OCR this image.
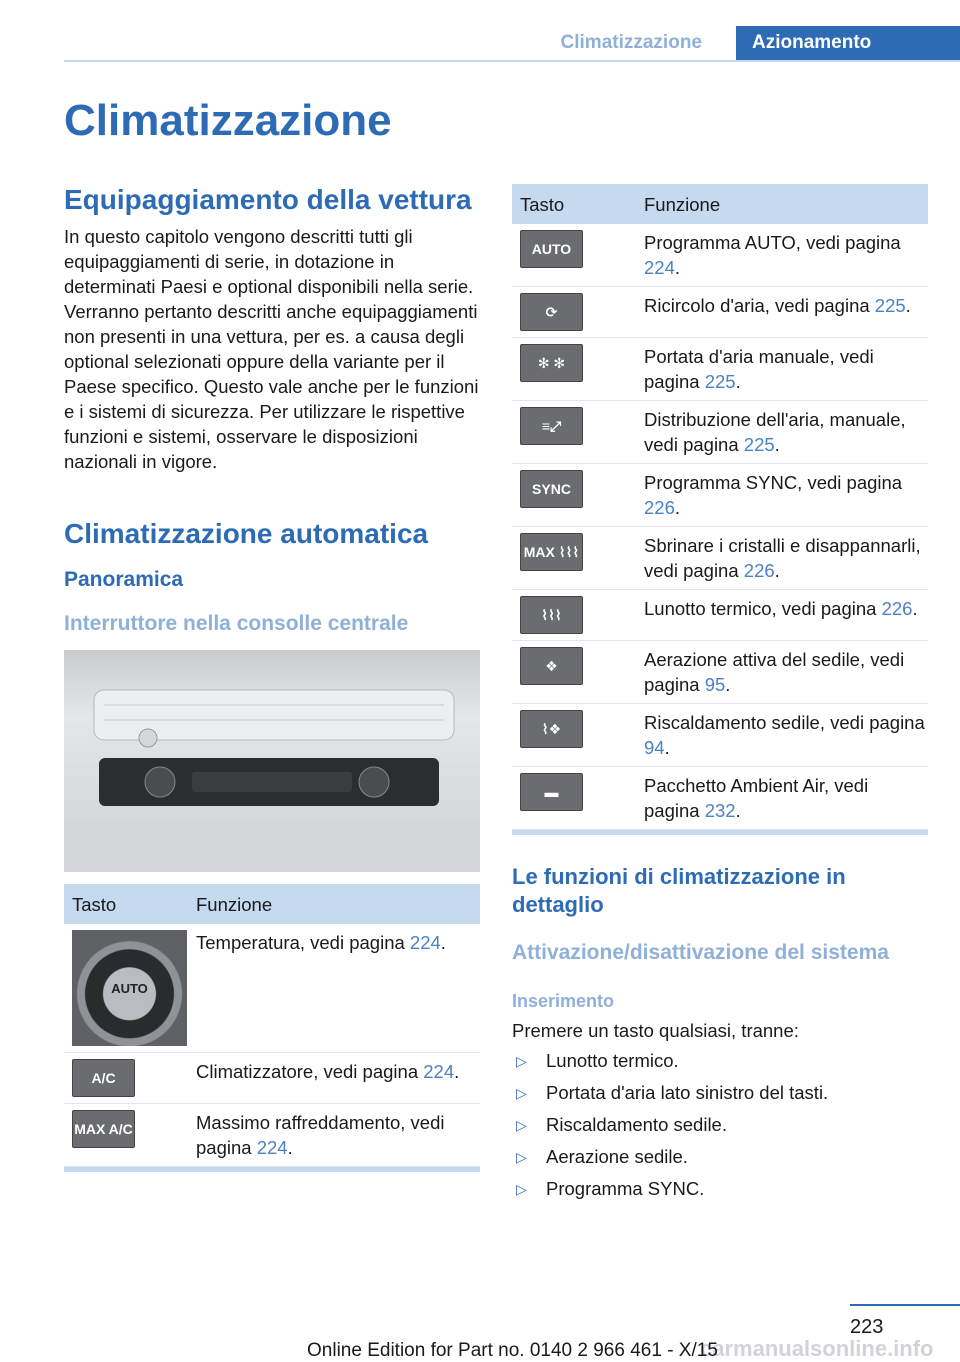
Climatizzazione	Azionamento
Climatizzazione
Equipaggiamento della vettura

In questo capitolo vengono descritti tutti gli equipaggiamenti di serie, in dotazione in determinati Paesi e optional disponibili nella serie. Verranno pertanto descritti anche equipaggiamenti non presenti in una vettura, per es. a causa degli optional selezionati oppure della variante per il Paese specifico. Questo vale anche per le funzioni e i sistemi di sicurezza. Per utilizzare le rispettive funzioni e sistemi, osservare le disposizioni nazionali in vigore.

Climatizzazione automatica
Panoramica
Interruttore nella consolle centrale
Tasto	Funzione

AUTO	Temperatura, vedi pagina 224.

A/C	Climatizzatore, vedi pagina 224.

MAX A/C	Massimo raffreddamento, vedi pagina 224.
Tasto	Funzione

AUTO	Programma AUTO, vedi pagina 224.

⟳	Ricircolo d'aria, vedi pagina 225.

✻ ✻	Portata d'aria manuale, vedi pagina 225.

≡⤢	Distribuzione dell'aria, manuale, vedi pagina 225.

SYNC	Programma SYNC, vedi pagina 226.

MAX ⌇⌇⌇	Sbrinare i cristalli e disappannarli, vedi pagina 226.

⌇⌇⌇	Lunotto termico, vedi pagina 226.

❖	Aerazione attiva del sedile, vedi pagina 95.

⌇❖	Riscaldamento sedile, vedi pagina 94.

▬	Pacchetto Ambient Air, vedi pagina 232.
Le funzioni di climatizzazione in dettaglio
Attivazione/disattivazione del sistema
Inserimento

Premere un tasto qualsiasi, tranne:

▷ Lunotto termico.
▷ Portata d'aria lato sinistro del tasti.
▷ Riscaldamento sedile.
▷ Aerazione sedile.
▷ Programma SYNC.
223
carmanualsonline.info
Online Edition for Part no. 0140 2 966 461 - X/15
